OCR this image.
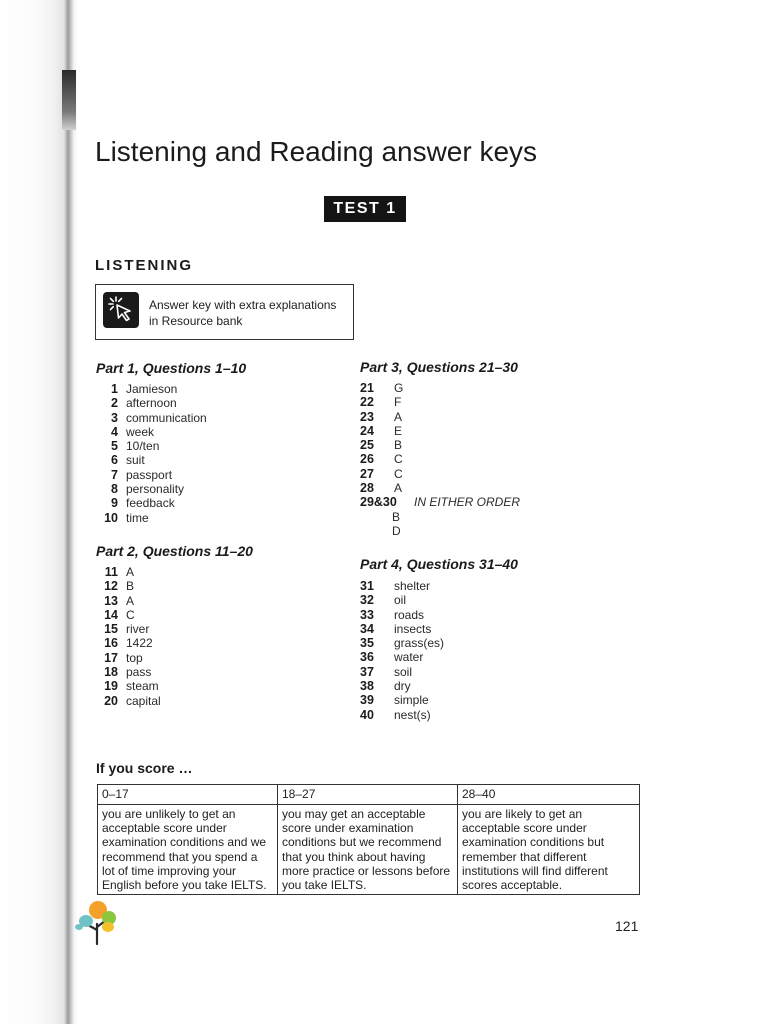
Listening and Reading answer keys
TEST 1
LISTENING
Answer key with extra explanations in Resource bank
Part 1, Questions 1–10
1 Jamieson
2 afternoon
3 communication
4 week
5 10/ten
6 suit
7 passport
8 personality
9 feedback
10 time
Part 2, Questions 11–20
11 A
12 B
13 A
14 C
15 river
16 1422
17 top
18 pass
19 steam
20 capital
Part 3, Questions 21–30
21 G
22 F
23 A
24 E
25 B
26 C
27 C
28 A
29&30 IN EITHER ORDER
B
D
Part 4, Questions 31–40
31 shelter
32 oil
33 roads
34 insects
35 grass(es)
36 water
37 soil
38 dry
39 simple
40 nest(s)
If you score …
0–17	18–27	28–40
you are unlikely to get an acceptable score under examination conditions and we recommend that you spend a lot of time improving your English before you take IELTS.	you may get an acceptable score under examination conditions but we recommend that you think about having more practice or lessons before you take IELTS.	you are likely to get an acceptable score under examination conditions but remember that different institutions will find different scores acceptable.
121
